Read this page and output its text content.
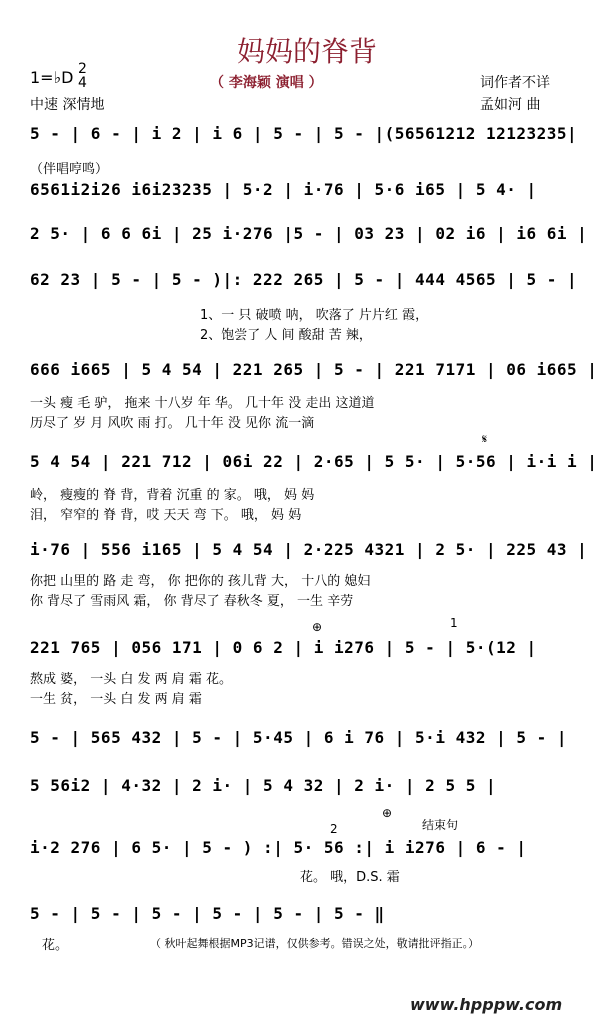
妈妈的脊背
（ 李海颖 演唱 ）
1=♭D 2
4
中速 深情地
词作者不详
孟如河 曲
5 - | 6 - | i 2 | i 6 | 5 - | 5 - |(56561212 12123235|
（伴唱哼鸣）
6561i2i26 i6i23235 | 5·2 | i·76 | 5·6 i65 | 5 4· |
2 5· | 6 6 6i | 25 i·276 |5 - | 03 23 | 02 i6 | i6 6i |
62 23 | 5 - | 5 - )|: 222 265 | 5 - | 444 4565 | 5 - |
1、一 只 破喷 呐， 吹落了 片片红 霞，
2、饱尝了 人 间 酸甜 苦 辣，
666 i665 | 5 4 54 | 221 265 | 5 - | 221 7171 | 06 i665 |
一头 瘦 毛 驴， 拖来 十八岁 年 华。 几十年 没 走出 这道道
历尽了 岁 月 风吹 雨 打。 几十年 没 见你 流一滴
𝄋
5 4 54 | 221 712 | 06i 22 | 2·65 | 5 5· | 5·56 | i·i i |
岭， 瘦瘦的 脊 背，背着 沉重 的 家。 哦， 妈 妈
泪， 窄窄的 脊 背，哎 天天 弯 下。 哦， 妈 妈
i·76 | 556 i165 | 5 4 54 | 2·225 4321 | 2 5· | 225 43 |
你把 山里的 路 走 弯， 你 把你的 孩儿背 大， 十八的 媳妇
你 背尽了 雪雨风 霜， 你 背尽了 春秋冬 夏， 一生 辛劳
⊕	1
221 765 | 056 171 | 0 6 2 | i i276 | 5 - | 5·(12 |
熬成 婆， 一头 白 发 两 肩 霜 花。
一生 贫， 一头 白 发 两 肩 霜
5 - | 565 432 | 5 - | 5·45 | 6 i 76 | 5·i 432 | 5 - |
5 56i2 | 4·32 | 2 i· | 5 4 32 | 2 i· | 2 5 5 |
⊕
2	结束句
i·2 276 | 6 5· | 5 - ) :| 5· 56 :| i i276 | 6 - |
花。 哦，D.S. 霜
5 - | 5 - | 5 - | 5 - | 5 - | 5 - ‖
花。	（ 秋叶起舞根据MP3记谱，仅供参考。错误之处，敬请批评指正。）
www.hpppw.com
